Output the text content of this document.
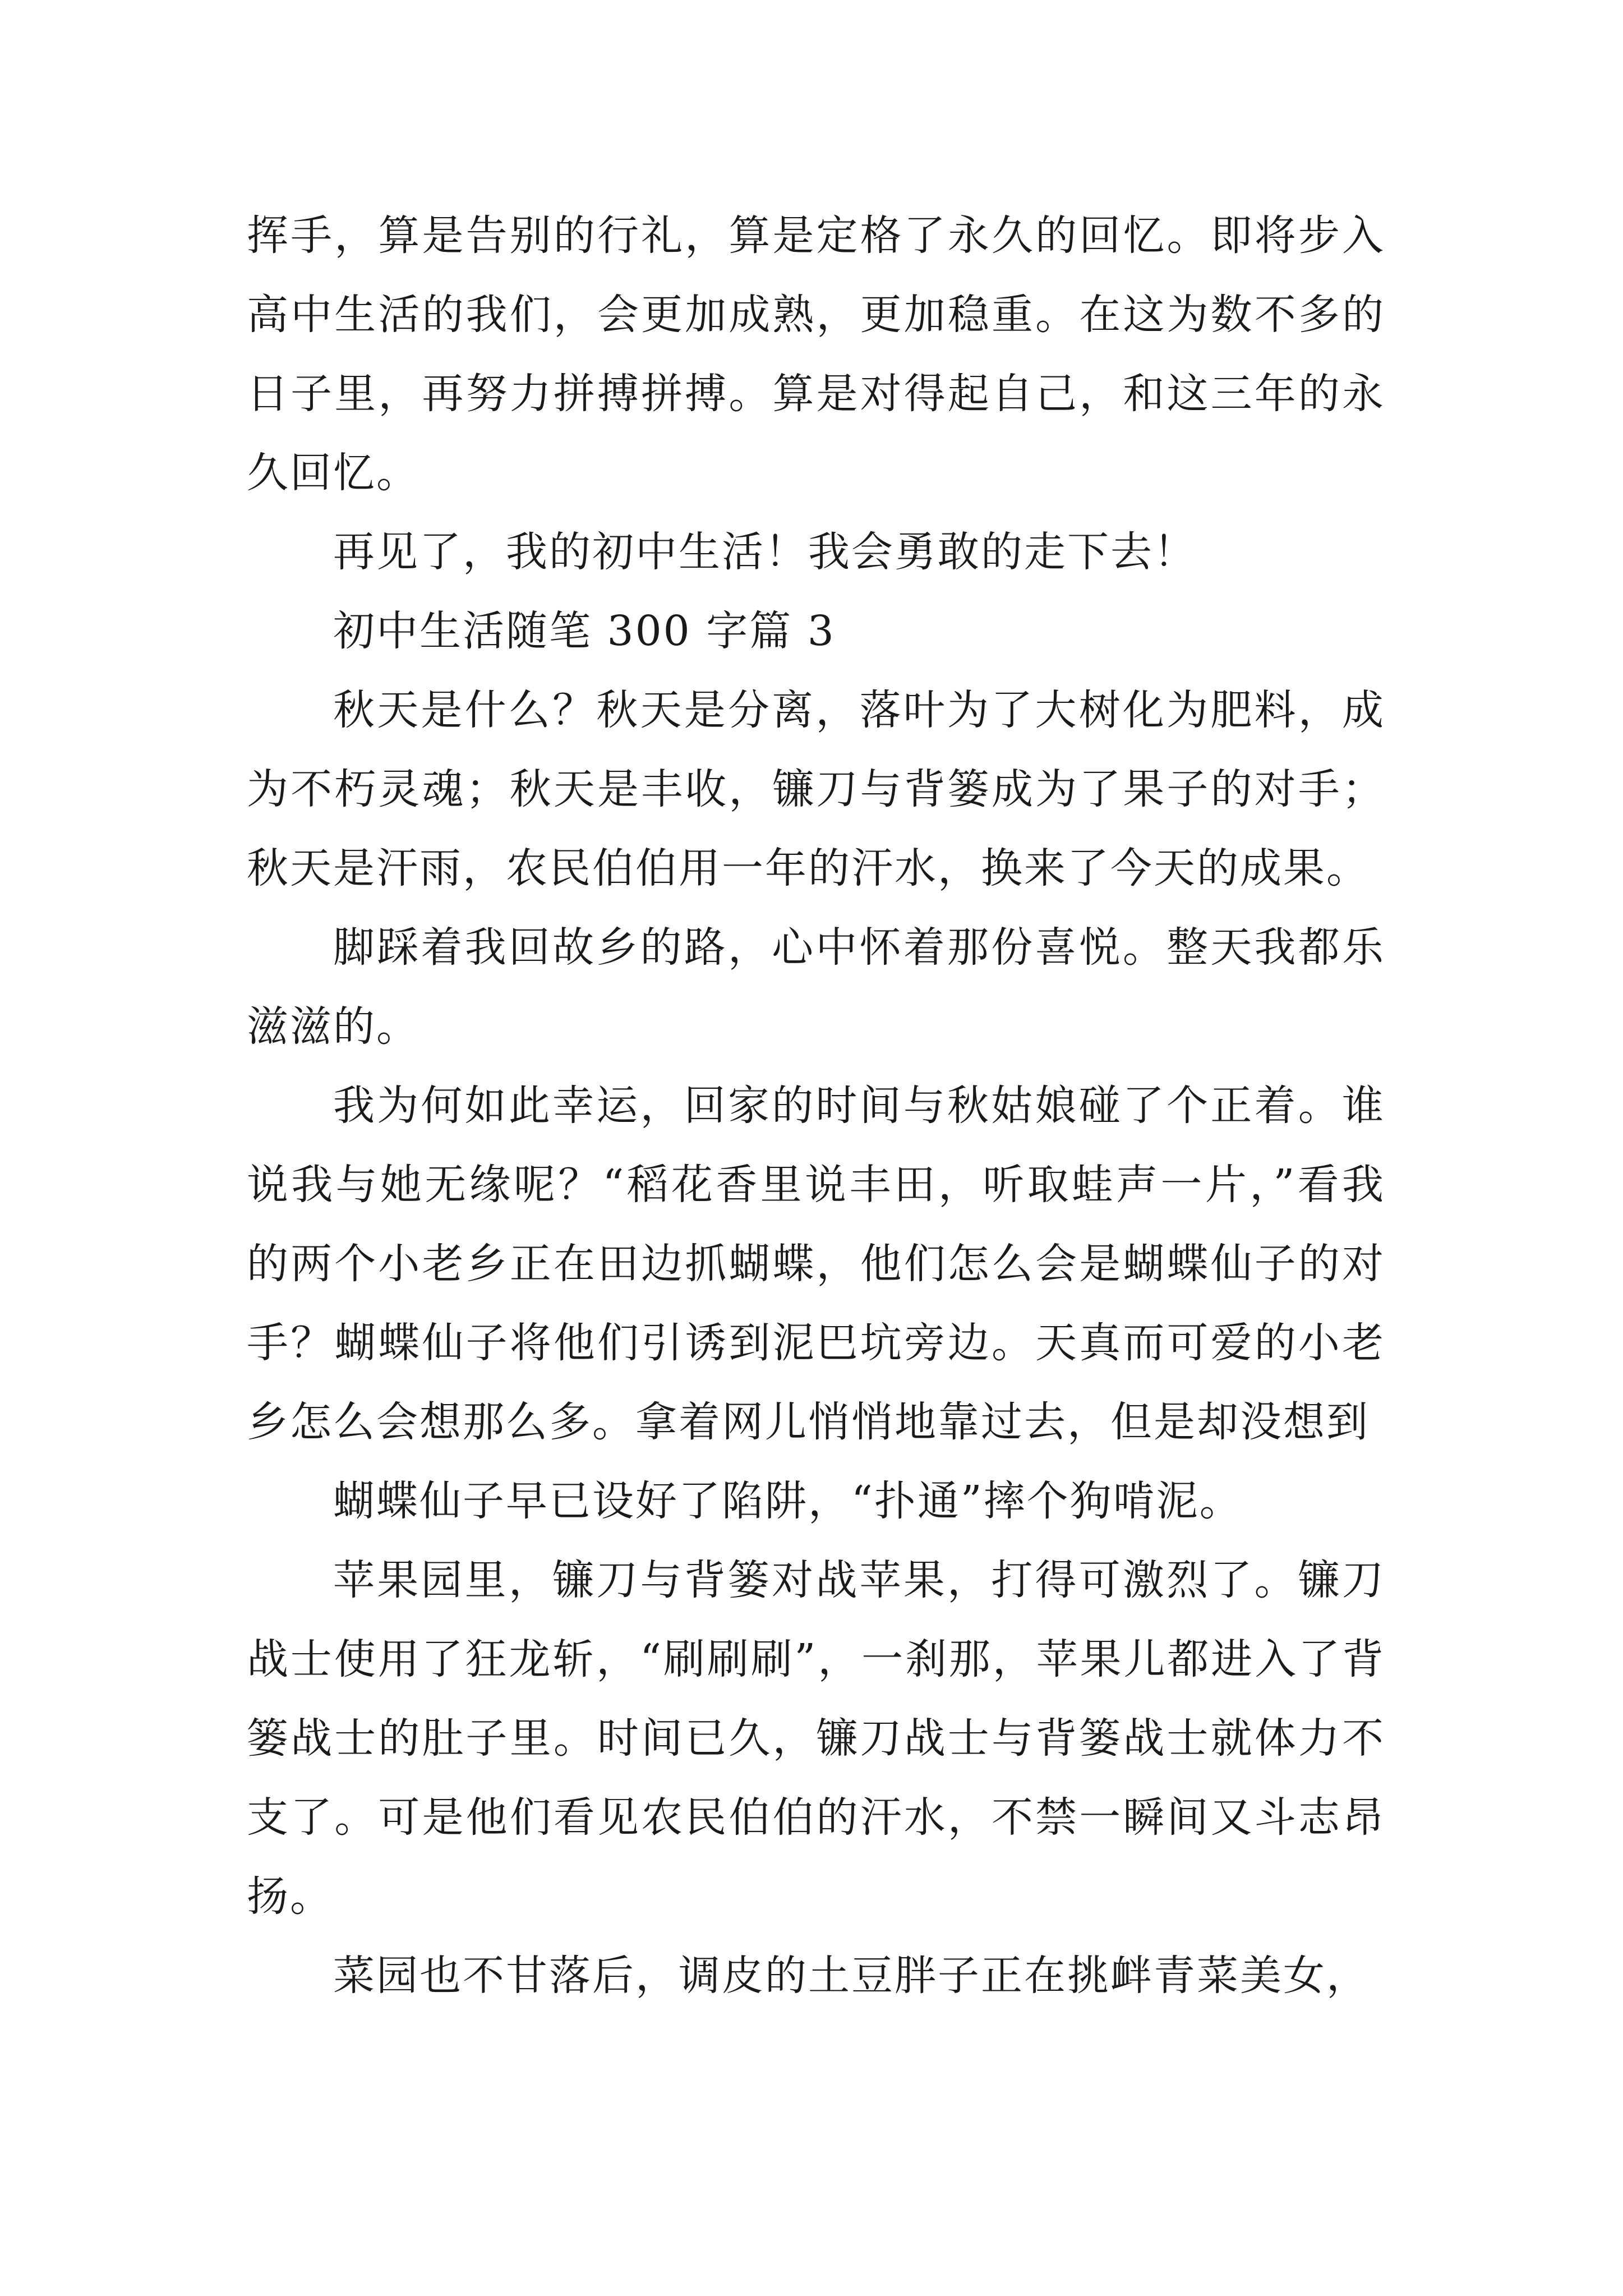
挥手，算是告别的行礼，算是定格了永久的回忆。即将步入高中生活的我们，会更加成熟，更加稳重。在这为数不多的日子里，再努力拼搏拼搏。算是对得起自己，和这三年的永久回忆。

再见了，我的初中生活！我会勇敢的走下去！

初中生活随笔 300 字篇 3

秋天是什么？秋天是分离，落叶为了大树化为肥料，成为不朽灵魂；秋天是丰收，镰刀与背篓成为了果子的对手；秋天是汗雨，农民伯伯用一年的汗水，换来了今天的成果。

脚踩着我回故乡的路，心中怀着那份喜悦。整天我都乐滋滋的。

我为何如此幸运，回家的时间与秋姑娘碰了个正着。谁说我与她无缘呢？“稻花香里说丰田，听取蛙声一片，”看我的两个小老乡正在田边抓蝴蝶，他们怎么会是蝴蝶仙子的对手？蝴蝶仙子将他们引诱到泥巴坑旁边。天真而可爱的小老乡怎么会想那么多。拿着网儿悄悄地靠过去，但是却没想到

蝴蝶仙子早已设好了陷阱，“扑通”摔个狗啃泥。

苹果园里，镰刀与背篓对战苹果，打得可激烈了。镰刀战士使用了狂龙斩，“刷刷刷”，一刹那，苹果儿都进入了背篓战士的肚子里。时间已久，镰刀战士与背篓战士就体力不支了。可是他们看见农民伯伯的汗水，不禁一瞬间又斗志昂扬。

菜园也不甘落后，调皮的土豆胖子正在挑衅青菜美女，
